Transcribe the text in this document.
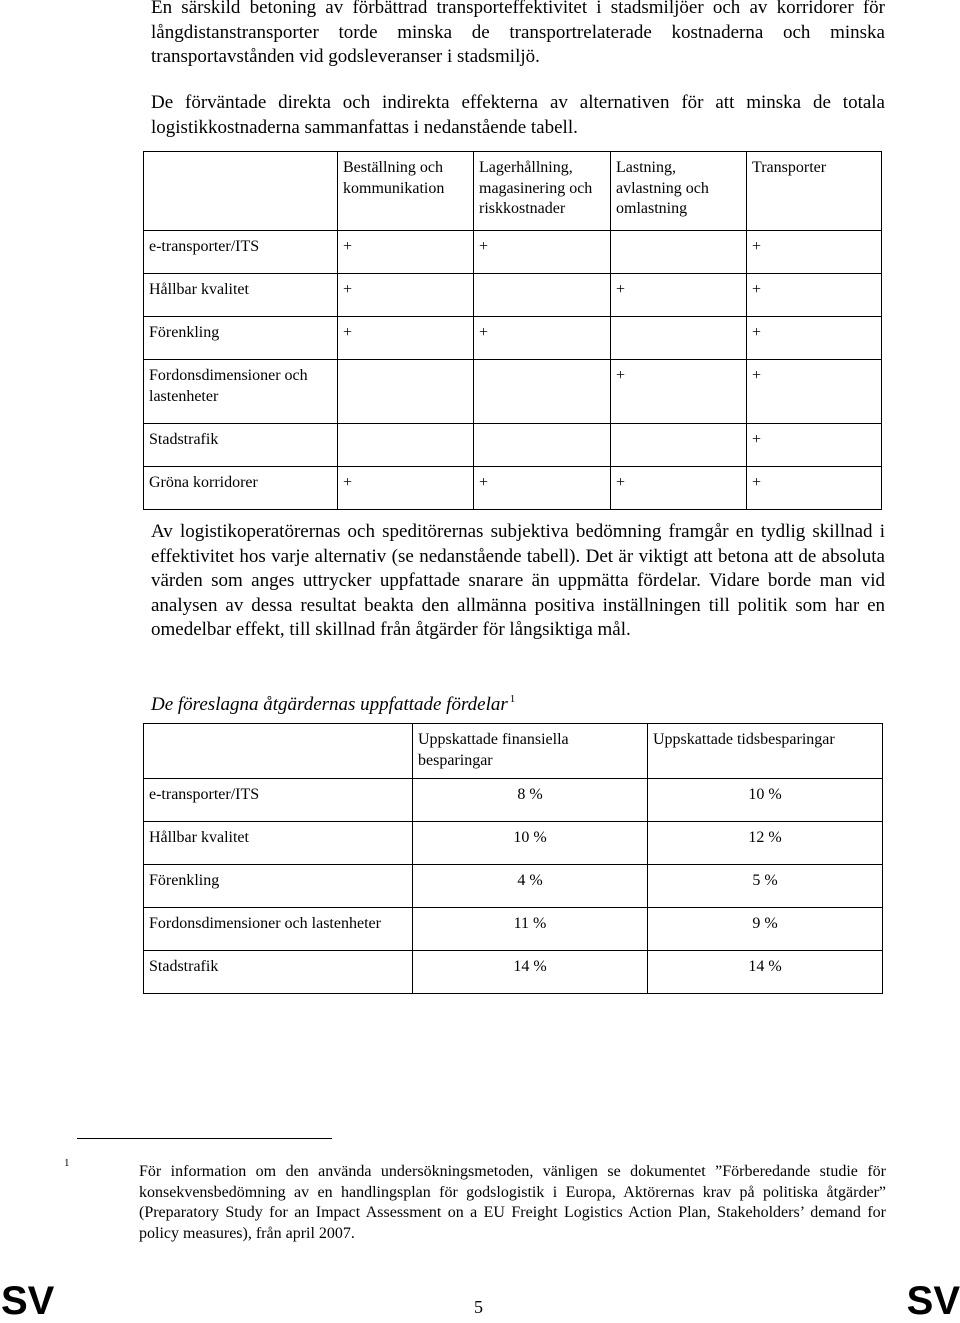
En särskild betoning av förbättrad transporteffektivitet i stadsmiljöer och av korridorer för långdistanstransporter torde minska de transportrelaterade kostnaderna och minska transportavstånden vid godsleveranser i stadsmiljö.

De förväntade direkta och indirekta effekterna av alternativen för att minska de totala logistikkostnaderna sammanfattas i nedanstående tabell.

	Beställning och kommunikation	Lagerhållning, magasinering och riskkostnader	Lastning, avlastning och omlastning	Transporter
e-transporter/ITS	+	+		+
Hållbar kvalitet	+		+	+
Förenkling	+	+		+
Fordonsdimensioner och lastenheter			+	+
Stadstrafik				+
Gröna korridorer	+	+	+	+

Av logistikoperatörernas och speditörernas subjektiva bedömning framgår en tydlig skillnad i effektivitet hos varje alternativ (se nedanstående tabell). Det är viktigt att betona att de absoluta värden som anges uttrycker uppfattade snarare än uppmätta fördelar. Vidare borde man vid analysen av dessa resultat beakta den allmänna positiva inställningen till politik som har en omedelbar effekt, till skillnad från åtgärder för långsiktiga mål.

De föreslagna åtgärdernas uppfattade fördelar $^1$

	Uppskattade finansiella besparingar	Uppskattade tidsbesparingar
e-transporter/ITS	8 %	10 %
Hållbar kvalitet	10 %	12 %
Förenkling	4 %	5 %
Fordonsdimensioner och lastenheter	11 %	9 %
Stadstrafik	14 %	14 %
1	För information om den använda undersökningsmetoden, vänligen se dokumentet ”Förberedande studie för konsekvensbedömning av en handlingsplan för godslogistik i Europa, Aktörernas krav på politiska åtgärder” (Preparatory Study for an Impact Assessment on a EU Freight Logistics Action Plan, Stakeholders’ demand for policy measures), från april 2007.

SV	5	SV
